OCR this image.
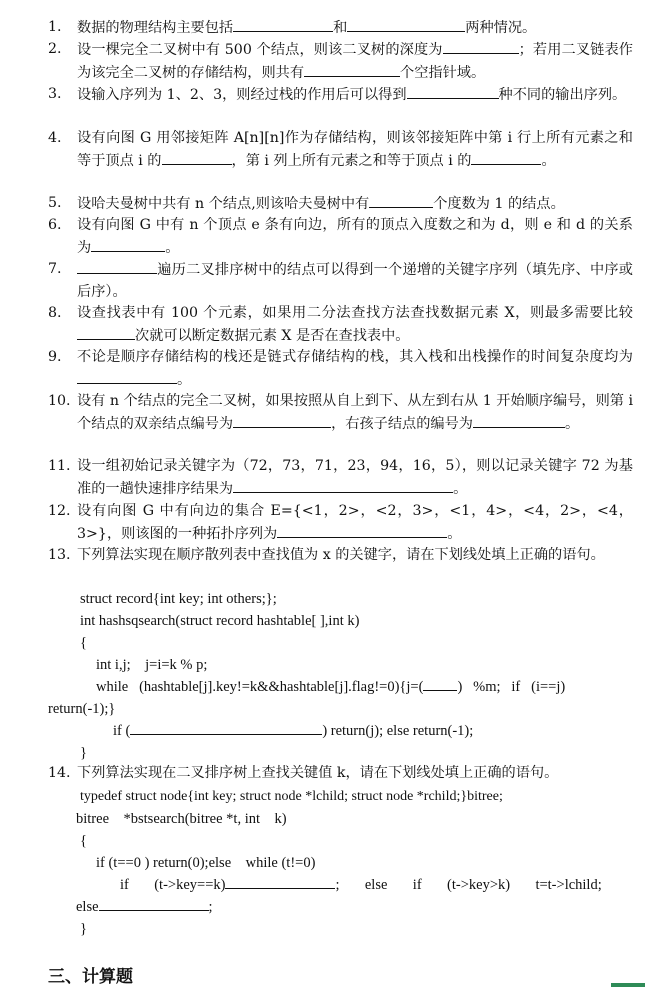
1.	数据的物理结构主要包括	和	两种情况。
2.	设一棵完全二叉树中有 500 个结点，则该二叉树的深度为	；若用二叉链表作为该完全二叉树的存储结构，则共有	个空指针域。
3.	设输入序列为 1、2、3，则经过栈的作用后可以得到	种不同的输出序列。
4.	设有向图 G 用邻接矩阵 A[n][n]作为存储结构，则该邻接矩阵中第 i 行上所有元素之和等于顶点 i 的	，第 i 列上所有元素之和等于顶点 i 的	。
5.	设哈夫曼树中共有 n 个结点,则该哈夫曼树中有	个度数为 1 的结点。
6.	设有向图 G 中有 n 个顶点 e 条有向边，所有的顶点入度数之和为 d，则 e 和 d 的关系为	。
7.	遍历二叉排序树中的结点可以得到一个递增的关键字序列（填先序、中序或后序）。
8.	设查找表中有 100 个元素，如果用二分法查找方法查找数据元素 X，则最多需要比较次就可以断定数据元素 X 是否在查找表中。
9.	不论是顺序存储结构的栈还是链式存储结构的栈，其入栈和出栈操作的时间复杂度均为。
10. 设有 n 个结点的完全二叉树，如果按照从自上到下、从左到右从 1 开始顺序编号，则第 i 个结点的双亲结点编号为	，右孩子结点的编号为	。
11. 设一组初始记录关键字为（72，73，71，23，94，16，5），则以记录关键字 72 为基准的一趟快速排序结果为	。
12. 设有向图 G 中有向边的集合 E={<1，2>，<2，3>，<1，4>，<4，2>，<4，3>}，则该图的一种拓扑序列为	。
13. 下列算法实现在顺序散列表中查找值为 x 的关键字，请在下划线处填上正确的语句。
struct record{int key; int others;};
int hashsqsearch(struct record hashtable[ ],int k)
{
int i,j;    j=i=k % p;
while   (hashtable[j].key!=k&&hashtable[j].flag!=0){j=( )   %m;   if   (i==j)
return(-1);}
if (	) return(j); else return(-1);
}
14. 下列算法实现在二叉排序树上查找关键值 k，请在下划线处填上正确的语句。
typedef struct node{int key; struct node *lchild; struct node *rchild;}bitree;
bitree    *bstsearch(bitree *t, int    k)
{
if (t==0 ) return(0);else    while (t!=0)
if       (t->key==k)	;       else       if       (t->key>k)       t=t->lchild;
else	;
}
三、计算题
